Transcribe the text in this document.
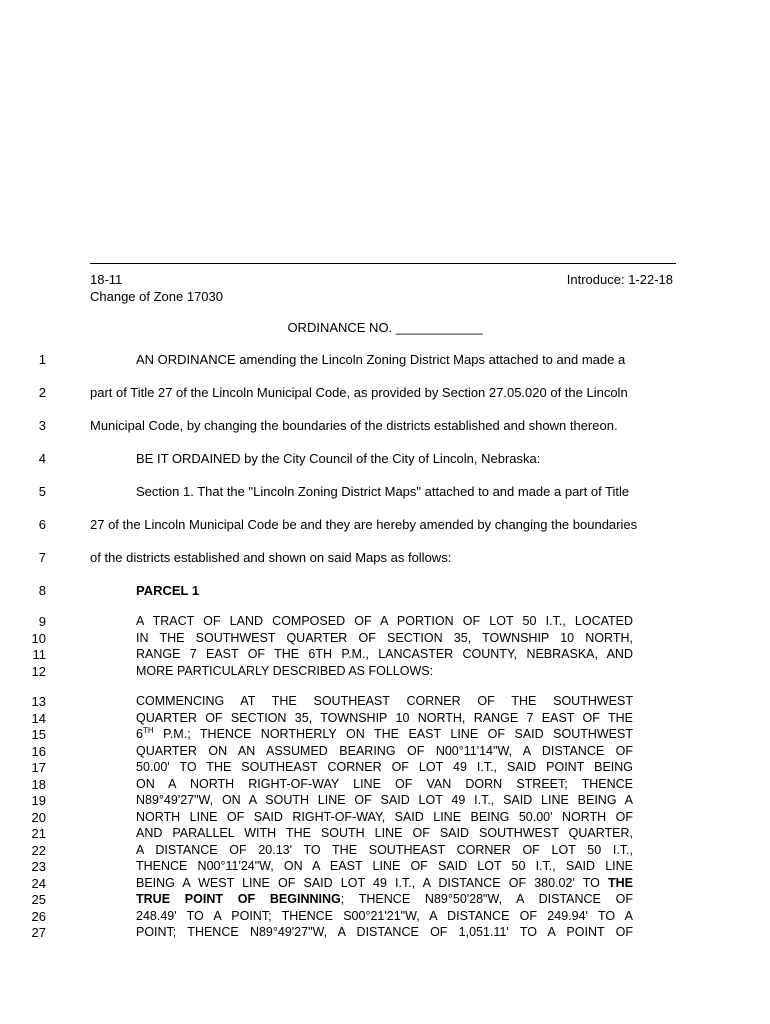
18-11	Introduce: 1-22-18
Change of Zone 17030
ORDINANCE NO. ____________
1	AN ORDINANCE amending the Lincoln Zoning District Maps attached to and made a
2	part of Title 27 of the Lincoln Municipal Code, as provided by Section 27.05.020 of the Lincoln
3	Municipal Code, by changing the boundaries of the districts established and shown thereon.
4	BE IT ORDAINED by the City Council of the City of Lincoln, Nebraska:
5	Section 1. That the "Lincoln Zoning District Maps" attached to and made a part of Title
6	27 of the Lincoln Municipal Code be and they are hereby amended by changing the boundaries
7	of the districts established and shown on said Maps as follows:
8	PARCEL 1
9	A TRACT OF LAND COMPOSED OF A PORTION OF LOT 50 I.T., LOCATED
10	IN THE SOUTHWEST QUARTER OF SECTION 35, TOWNSHIP 10 NORTH,
11	RANGE 7 EAST OF THE 6TH P.M., LANCASTER COUNTY, NEBRASKA, AND
12	MORE PARTICULARLY DESCRIBED AS FOLLOWS:
13	COMMENCING AT THE SOUTHEAST CORNER OF THE SOUTHWEST
14	QUARTER OF SECTION 35, TOWNSHIP 10 NORTH, RANGE 7 EAST OF THE
15	6TH P.M.; THENCE NORTHERLY ON THE EAST LINE OF SAID SOUTHWEST
16	QUARTER ON AN ASSUMED BEARING OF N00°11'14"W, A DISTANCE OF
17	50.00' TO THE SOUTHEAST CORNER OF LOT 49 I.T., SAID POINT BEING
18	ON A NORTH RIGHT-OF-WAY LINE OF VAN DORN STREET; THENCE
19	N89°49'27"W, ON A SOUTH LINE OF SAID LOT 49 I.T., SAID LINE BEING A
20	NORTH LINE OF SAID RIGHT-OF-WAY, SAID LINE BEING 50.00' NORTH OF
21	AND PARALLEL WITH THE SOUTH LINE OF SAID SOUTHWEST QUARTER,
22	A DISTANCE OF 20.13' TO THE SOUTHEAST CORNER OF LOT 50 I.T.,
23	THENCE N00°11'24"W, ON A EAST LINE OF SAID LOT 50 I.T., SAID LINE
24	BEING A WEST LINE OF SAID LOT 49 I.T., A DISTANCE OF 380.02' TO THE
25	TRUE POINT OF BEGINNING; THENCE N89°50'28"W, A DISTANCE OF
26	248.49' TO A POINT; THENCE S00°21'21"W, A DISTANCE OF 249.94' TO A
27	POINT; THENCE N89°49'27"W, A DISTANCE OF 1,051.11' TO A POINT OF
